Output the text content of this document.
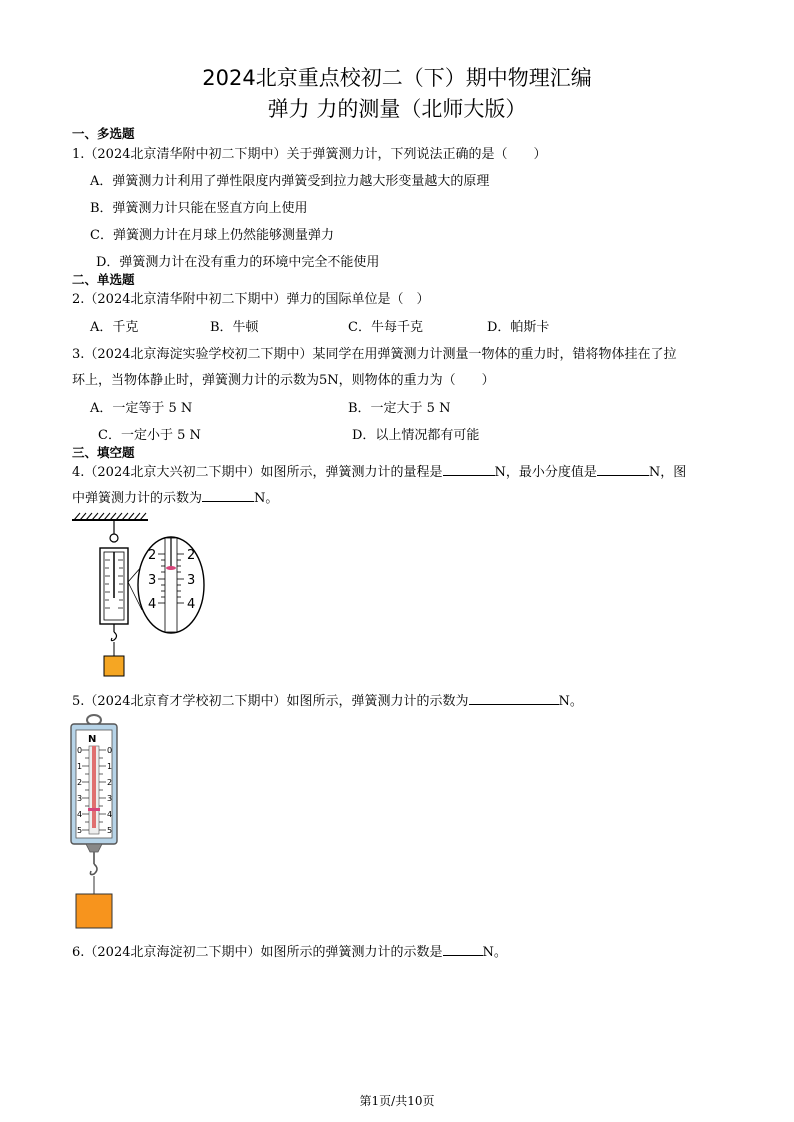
2024北京重点校初二（下）期中物理汇编
弹力 力的测量（北师大版）
一、多选题
1.（2024北京清华附中初二下期中）关于弹簧测力计，下列说法正确的是（　　）
A．弹簧测力计利用了弹性限度内弹簧受到拉力越大形变量越大的原理
B．弹簧测力计只能在竖直方向上使用
C．弹簧测力计在月球上仍然能够测量弹力
D．弹簧测力计在没有重力的环境中完全不能使用
二、单选题
2.（2024北京清华附中初二下期中）弹力的国际单位是（　）
A．千克	B．牛顿	C．牛每千克	D．帕斯卡
3.（2024北京海淀实验学校初二下期中）某同学在用弹簧测力计测量一物体的重力时，错将物体挂在了拉
环上，当物体静止时，弹簧测力计的示数为5N，则物体的重力为（　　）
A．一定等于 5 N	B．一定大于 5 N
C．一定小于 5 N	D．以上情况都有可能
三、填空题
4.（2024北京大兴初二下期中）如图所示，弹簧测力计的量程是	N，最小分度值是	N，图
中弹簧测力计的示数为	N。
2 2
3 3
4 4
5.（2024北京育才学校初二下期中）如图所示，弹簧测力计的示数为	N。
N
0	0
1	1
2	2
3	3
4	4
5	5
6.（2024北京海淀初二下期中）如图所示的弹簧测力计的示数是	N。
第1页/共10页
